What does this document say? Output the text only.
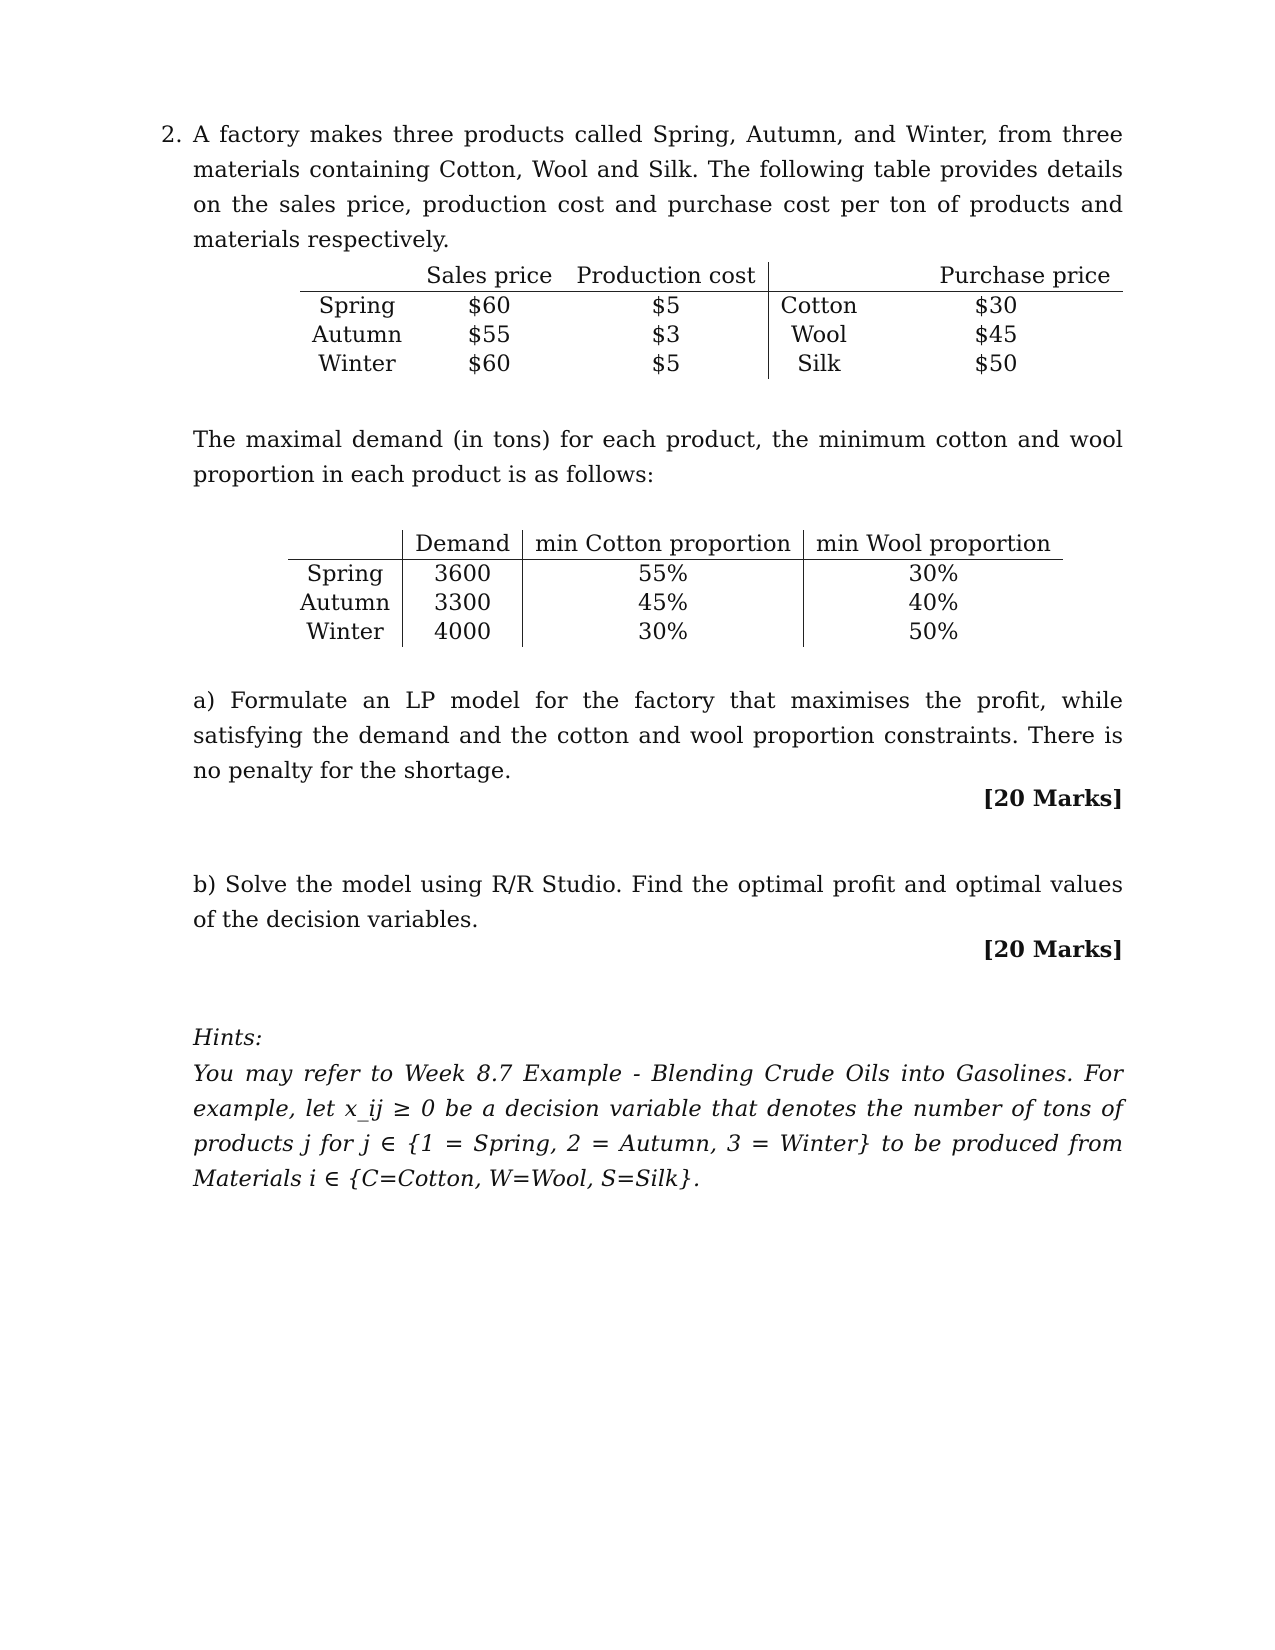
2. A factory makes three products called Spring, Autumn, and Winter, from three materials containing Cotton, Wool and Silk. The following table provides details on the sales price, production cost and purchase cost per ton of products and materials respectively.

	Sales price	Production cost		Purchase price
Spring	$60	$5	Cotton	$30
Autumn	$55	$3	Wool	$45
Winter	$60	$5	Silk	$50

The maximal demand (in tons) for each product, the minimum cotton and wool proportion in each product is as follows:

	Demand	min Cotton proportion	min Wool proportion
Spring	3600	55%	30%
Autumn	3300	45%	40%
Winter	4000	30%	50%

a) Formulate an LP model for the factory that maximises the profit, while satisfying the demand and the cotton and wool proportion constraints. There is no penalty for the shortage.

[20 Marks]

b) Solve the model using R/R Studio. Find the optimal profit and optimal values of the decision variables.

[20 Marks]
Hints:

You may refer to Week 8.7 Example - Blending Crude Oils into Gasolines. For example, let x_ij ≥ 0 be a decision variable that denotes the number of tons of products j for j ∈ {1 = Spring, 2 = Autumn, 3 = Winter} to be produced from Materials i ∈ {C=Cotton, W=Wool, S=Silk}.
